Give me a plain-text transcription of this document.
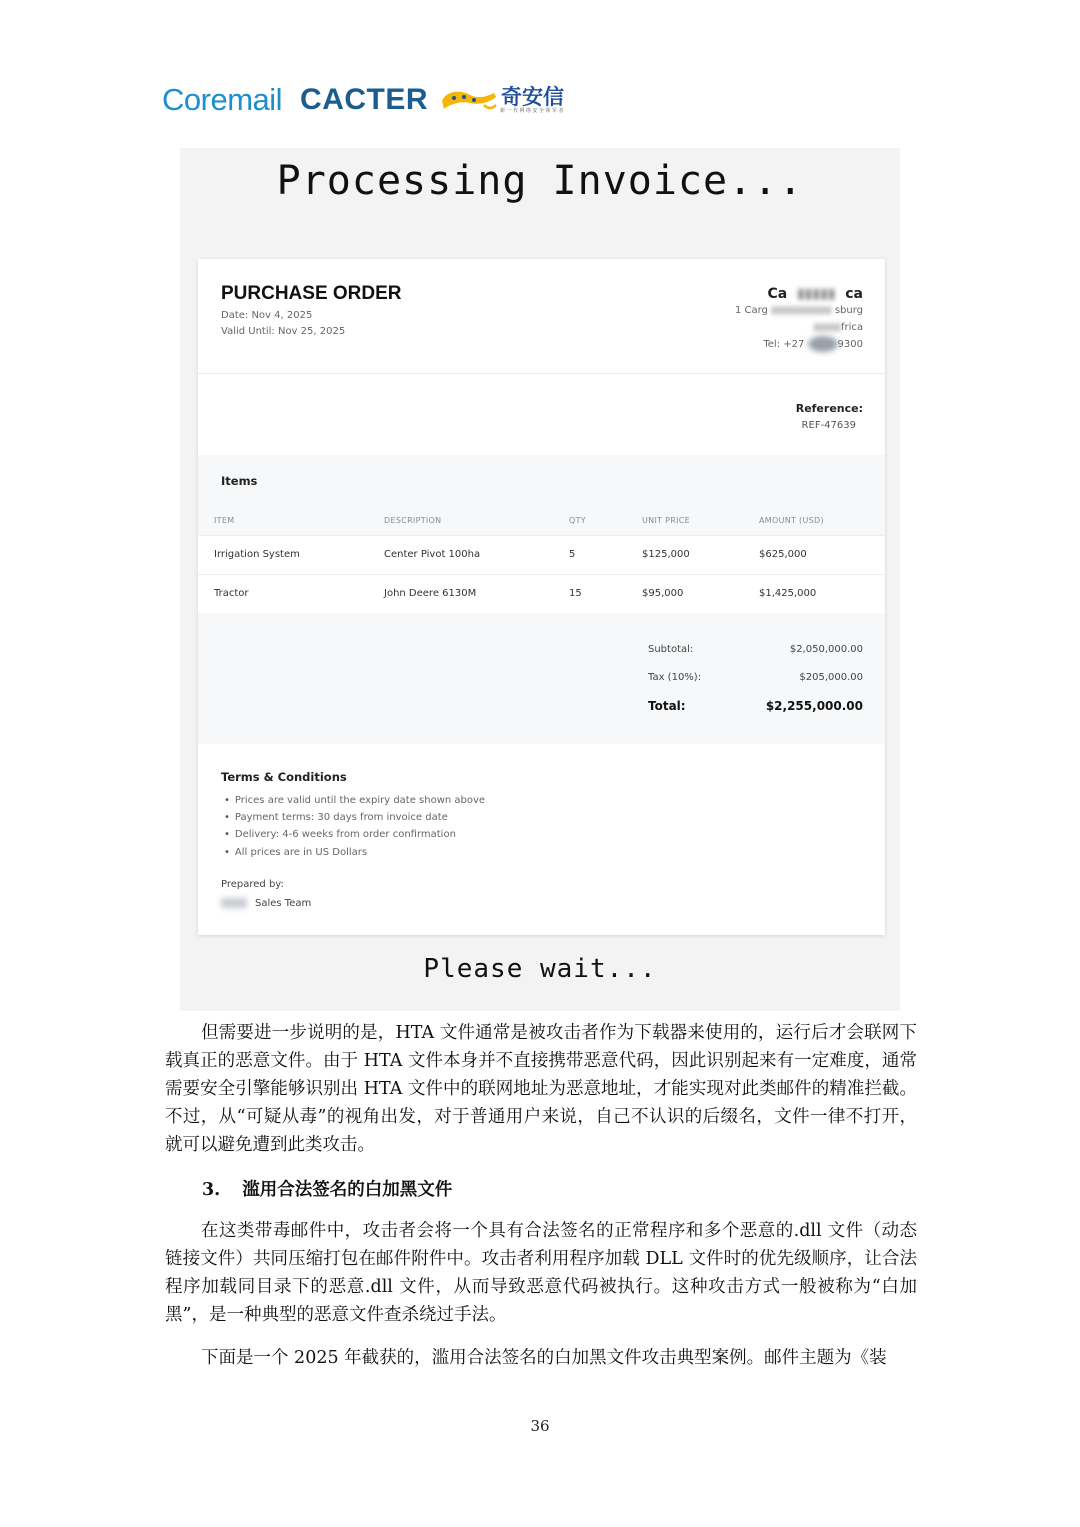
Coremail CACTER	奇安信
新一代网络安全领军者
Processing Invoice...
PURCHASE ORDER
Date: Nov 4, 2025
Valid Until: Nov 25, 2025
Ca  ▮▮▮▮▮  ca
1 Carg ▮▮▮▮▮▮▮▮▮▮▮ sburg
▮▮▮▮▮frica
Tel: +27	9300
Reference:
REF-47639
Items
ITEM	DESCRIPTION	QTY	UNIT PRICE	AMOUNT (USD)
Irrigation System	Center Pivot 100ha	5	$125,000	$625,000
Tractor	John Deere 6130M	15	$95,000	$1,425,000
Subtotal:	$2,050,000.00
Tax (10%):	$205,000.00
Total:	$2,255,000.00
Terms & Conditions
• Prices are valid until the expiry date shown above
• Payment terms: 30 days from invoice date
• Delivery: 4-6 weeks from order confirmation
• All prices are in US Dollars
Prepared by:
Sales Team
Please wait...

但需要进一步说明的是，HTA 文件通常是被攻击者作为下载器来使用的，运行后才会联网下载真正的恶意文件。由于 HTA 文件本身并不直接携带恶意代码，因此识别起来有一定难度，通常需要安全引擎能够识别出 HTA 文件中的联网地址为恶意地址，才能实现对此类邮件的精准拦截。不过，从“可疑从毒”的视角出发，对于普通用户来说，自己不认识的后缀名，文件一律不打开，就可以避免遭到此类攻击。

3. 滥用合法签名的白加黑文件

在这类带毒邮件中，攻击者会将一个具有合法签名的正常程序和多个恶意的.dll 文件（动态链接文件）共同压缩打包在邮件附件中。攻击者利用程序加载 DLL 文件时的优先级顺序，让合法程序加载同目录下的恶意.dll 文件，从而导致恶意代码被执行。这种攻击方式一般被称为“白加黑”，是一种典型的恶意文件查杀绕过手法。

下面是一个 2025 年截获的，滥用合法签名的白加黑文件攻击典型案例。邮件主题为《装

36
